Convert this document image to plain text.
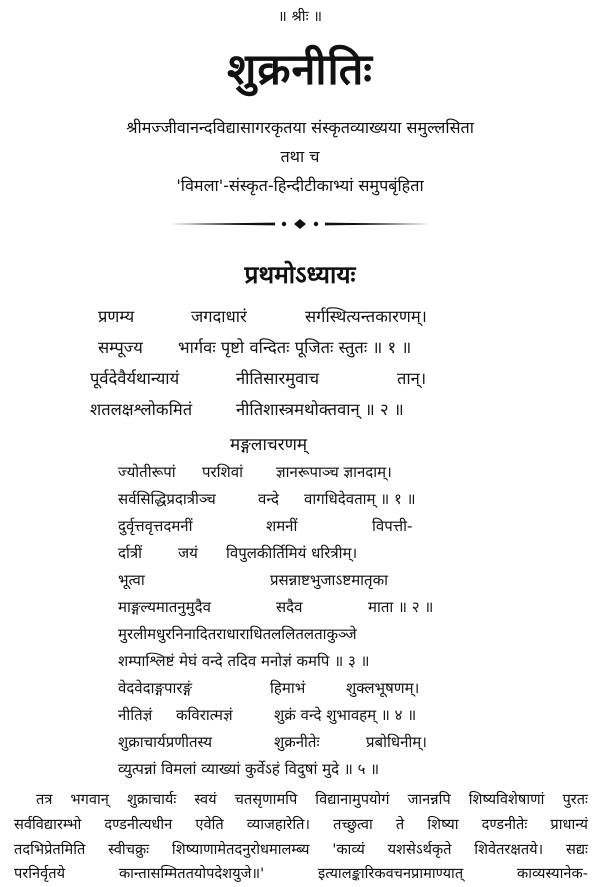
॥ श्रीः ॥
शुक्रनीतिः
श्रीमज्जीवानन्दविद्यासागरकृतया संस्कृतव्याख्यया समुल्लसिता
तथा च
'विमला'-संस्कृत-हिन्दीटीकाभ्यां समुपबृंहिता
प्रथमोऽध्यायः
प्रणम्य	जगदाधारं	सर्गस्थित्यन्तकारणम्।
सम्पूज्य भार्गवः पृष्टो वन्दितः पूजितः स्तुतः ॥ १ ॥
पूर्वदेवैर्यथान्यायं	नीतिसारमुवाच	तान्।
शतलक्षश्लोकमितं	नीतिशास्त्रमथोक्तवान् ॥ २ ॥
मङ्गलाचरणम्
ज्योतीरूपां परशिवां ज्ञानरूपाञ्च ज्ञानदाम्।
सर्वसिद्धिप्रदात्रीञ्च	वन्दे वागधिदेवताम् ॥ १ ॥
दुर्वृत्तवृत्तदमनीं	शमनीं	विपत्ती-
र्दात्रीं जयं विपुलकीर्तिमियं धरित्रीम्।
भूत्वा	प्रसन्नाष्टभुजाऽष्टमातृका
माङ्गल्यमातनुमुदैव	सदैव	माता ॥ २ ॥
मुरलीमधुरनिनादितराधाराधितललितलताकुञ्जे
शम्पाश्लिष्टं मेघं वन्दे तदिव मनोज्ञं कमपि ॥ ३ ॥
वेदवेदाङ्गपारङ्गं	हिमाभं	शुक्लभूषणम्।
नीतिज्ञं कविरात्मज्ञं	शुक्रं वन्दे शुभावहम् ॥ ४ ॥
शुक्राचार्यप्रणीतस्य	शुक्रनीतेः	प्रबोधिनीम्।
व्युत्पन्नां विमलां व्याख्यां कुर्वेऽहं विदुषां मुदे ॥ ५ ॥
तत्र भगवान् शुक्राचार्यः स्वयं चतसृणामपि विद्यानामुपयोगं जानन्नपि शिष्यविशेषाणां पुरतः
सर्वविद्यारम्भो दण्डनीत्यधीन एवेति व्याजहारेति। तच्छुत्वा ते शिष्या दण्डनीतेः प्राधान्यं
तदभिप्रेतमिति स्वीचक्रुः शिष्याणामेतदनुरोधमालम्ब्य 'काव्यं यशसेऽर्थकृते शिवेतरक्षतये। सद्यः
परनिर्वृतये कान्तासम्मिततयोपदेशयुजे॥' इत्यालङ्कारिकवचनप्रामाण्यात् काव्यस्यानेक-
